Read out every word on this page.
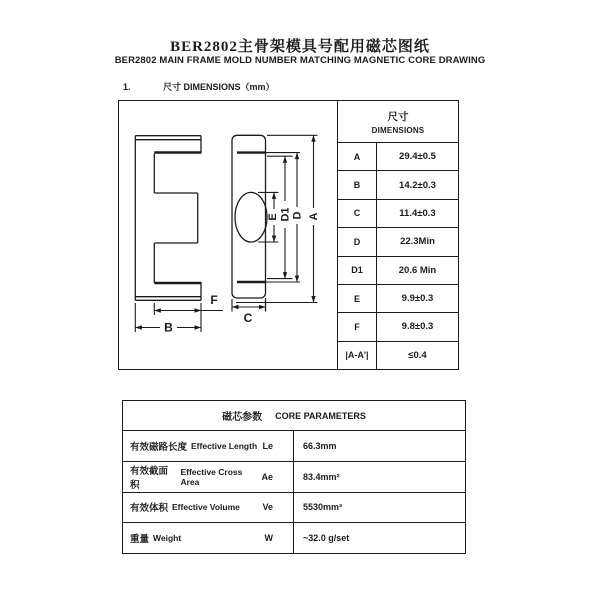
BER2802主骨架模具号配用磁芯图纸
BER2802 MAIN FRAME MOLD NUMBER MATCHING MAGNETIC CORE DRAWING
1.	尺寸 DIMENSIONS（mm）
F
B
C
E D1 D A
尺寸
DIMENSIONS
A	29.4±0.5
B	14.2±0.3
C	11.4±0.3
D	22.3Min
D1	20.6 Min
E	9.9±0.3
F	9.8±0.3
|A-A'|	≤0.4
磁芯参数 CORE PARAMETERS
有效磁路长度 Effective Length Le	66.3mm
有效截面积
Effective Cross Area	Ae	83.4mm²
有效体积 Effective Volume	Ve	5530mm³
重量 Weight	W	~32.0 g/set
